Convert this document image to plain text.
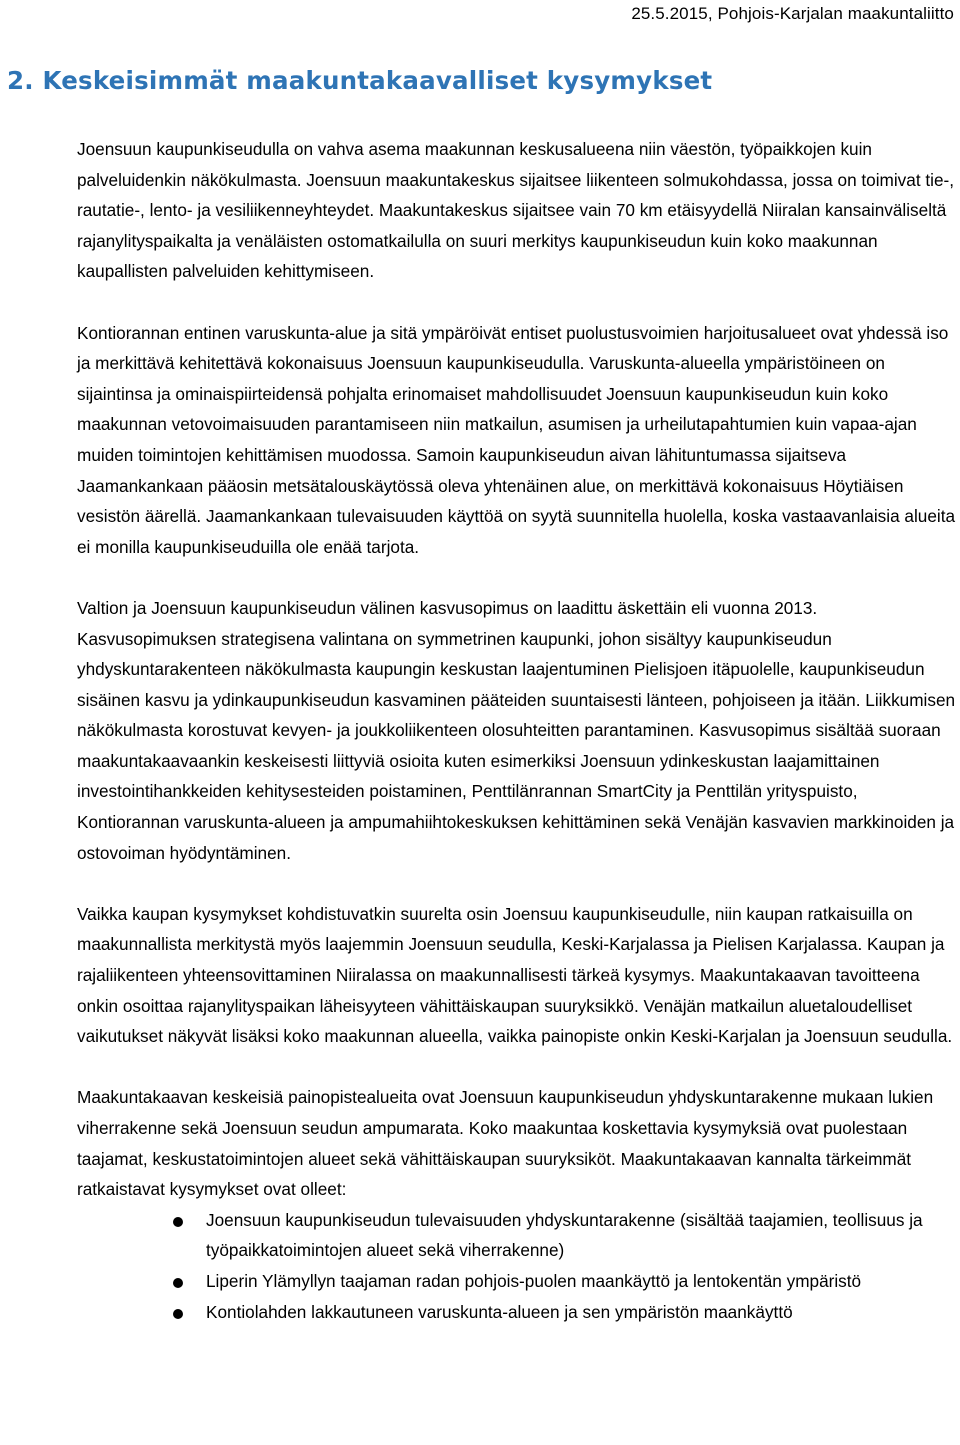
25.5.2015, Pohjois-Karjalan maakuntaliitto
2. Keskeisimmät maakuntakaavalliset kysymykset

Joensuun kaupunkiseudulla on vahva asema maakunnan keskusalueena niin väestön, työpaikkojen kuin palveluidenkin näkökulmasta. Joensuun maakuntakeskus sijaitsee liikenteen solmukohdassa, jossa on toimivat tie-, rautatie-, lento- ja vesiliikenneyhteydet. Maakuntakeskus sijaitsee vain 70 km etäisyydellä Niiralan kansainväliseltä rajanylityspaikalta ja venäläisten ostomatkailulla on suuri merkitys kaupunkiseudun kuin koko maakunnan kaupallisten palveluiden kehittymiseen.

Kontiorannan entinen varuskunta-alue ja sitä ympäröivät entiset puolustusvoimien harjoitusalueet ovat yhdessä iso ja merkittävä kehitettävä kokonaisuus Joensuun kaupunkiseudulla. Varuskunta-alueella ympäristöineen on sijaintinsa ja ominaispiirteidensä pohjalta erinomaiset mahdollisuudet Joensuun kaupunkiseudun kuin koko maakunnan vetovoimaisuuden parantamiseen niin matkailun, asumisen ja urheilutapahtumien kuin vapaa-ajan muiden toimintojen kehittämisen muodossa. Samoin kaupunkiseudun aivan lähituntumassa sijaitseva Jaamankankaan pääosin metsätalouskäytössä oleva yhtenäinen alue, on merkittävä kokonaisuus Höytiäisen vesistön äärellä. Jaamankankaan tulevaisuuden käyttöä on syytä suunnitella huolella, koska vastaavanlaisia alueita ei monilla kaupunkiseuduilla ole enää tarjota.

Valtion ja Joensuun kaupunkiseudun välinen kasvusopimus on laadittu äskettäin eli vuonna 2013. Kasvusopimuksen strategisena valintana on symmetrinen kaupunki, johon sisältyy kaupunkiseudun yhdyskuntarakenteen näkökulmasta kaupungin keskustan laajentuminen Pielisjoen itäpuolelle, kaupunkiseudun sisäinen kasvu ja ydinkaupunkiseudun kasvaminen pääteiden suuntaisesti länteen, pohjoiseen ja itään. Liikkumisen näkökulmasta korostuvat kevyen- ja joukkoliikenteen olosuhteitten parantaminen. Kasvusopimus sisältää suoraan maakuntakaavaankin keskeisesti liittyviä osioita kuten esimerkiksi Joensuun ydinkeskustan laajamittainen investointihankkeiden kehitysesteiden poistaminen, Penttilänrannan SmartCity ja Penttilän yrityspuisto, Kontiorannan varuskunta-alueen ja ampumahiihtokeskuksen kehittäminen sekä Venäjän kasvavien markkinoiden ja ostovoiman hyödyntäminen.

Vaikka kaupan kysymykset kohdistuvatkin suurelta osin Joensuu kaupunkiseudulle, niin kaupan ratkaisuilla on maakunnallista merkitystä myös laajemmin Joensuun seudulla, Keski-Karjalassa ja Pielisen Karjalassa. Kaupan ja rajaliikenteen yhteensovittaminen Niiralassa on maakunnallisesti tärkeä kysymys. Maakuntakaavan tavoitteena onkin osoittaa rajanylityspaikan läheisyyteen vähittäiskaupan suuryksikkö. Venäjän matkailun aluetaloudelliset vaikutukset näkyvät lisäksi koko maakunnan alueella, vaikka painopiste onkin Keski-Karjalan ja Joensuun seudulla.

Maakuntakaavan keskeisiä painopistealueita ovat Joensuun kaupunkiseudun yhdyskuntarakenne mukaan lukien viherrakenne sekä Joensuun seudun ampumarata. Koko maakuntaa koskettavia kysymyksiä ovat puolestaan taajamat, keskustatoimintojen alueet sekä vähittäiskaupan suuryksiköt. Maakuntakaavan kannalta tärkeimmät ratkaistavat kysymykset ovat olleet:

Joensuun kaupunkiseudun tulevaisuuden yhdyskuntarakenne (sisältää taajamien, teollisuus ja työpaikkatoimintojen alueet sekä viherrakenne)
Liperin Ylämyllyn taajaman radan pohjois-puolen maankäyttö ja lentokentän ympäristö
Kontiolahden lakkautuneen varuskunta-alueen ja sen ympäristön maankäyttö
